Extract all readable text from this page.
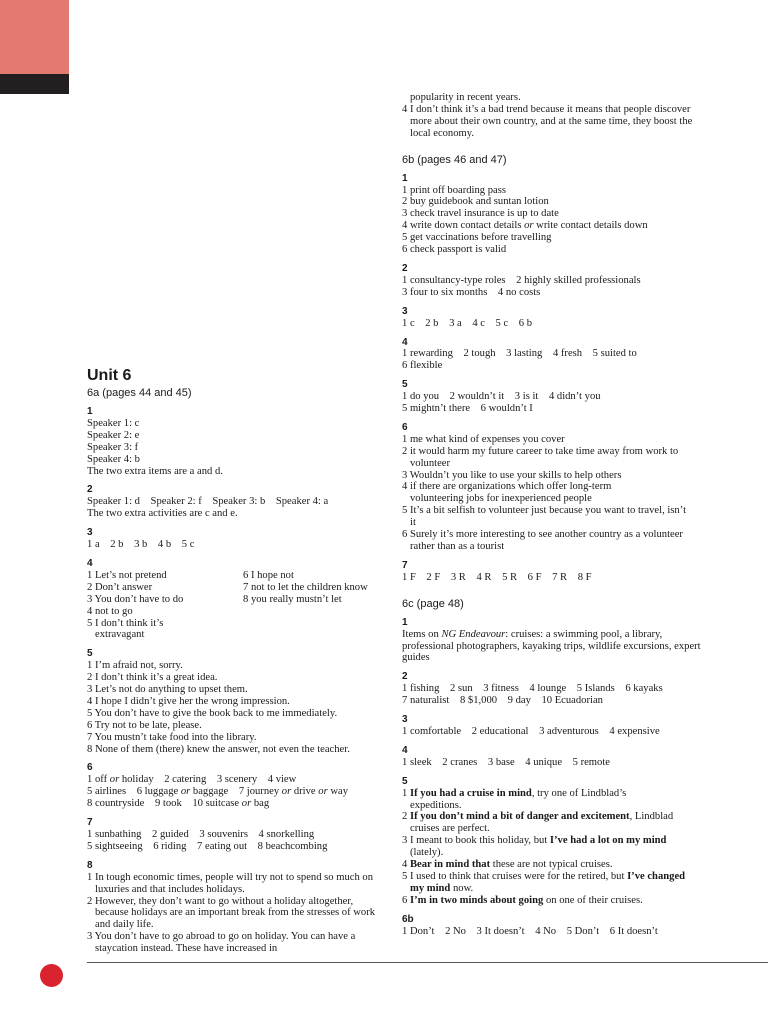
Unit 6
6a (pages 44 and 45)
1
Speaker 1: c
Speaker 2: e
Speaker 3: f
Speaker 4: b
The two extra items are a and d.
2
Speaker 1: d    Speaker 2: f    Speaker 3: b    Speaker 4: a
The two extra activities are c and e.
3
1 a    2 b    3 b    4 b    5 c
4
1 Let’s not pretend
2 Don’t answer
3 You don’t have to do
4 not to go
5 I don’t think it’s extravagant
6 I hope not
7 not to let the children know
8 you really mustn’t let
5
1 I’m afraid not, sorry.
2 I don’t think it’s a great idea.
3 Let’s not do anything to upset them.
4 I hope I didn’t give her the wrong impression.
5 You don’t have to give the book back to me immediately.
6 Try not to be late, please.
7 You mustn’t take food into the library.
8 None of them (there) knew the answer, not even the teacher.
6
1 off or holiday    2 catering    3 scenery    4 view
5 airlines    6 luggage or baggage    7 journey or drive or way
8 countryside    9 took    10 suitcase or bag
7
1 sunbathing    2 guided    3 souvenirs    4 snorkelling
5 sightseeing    6 riding    7 eating out    8 beachcombing
8
1 In tough economic times, people will try not to spend so much on luxuries and that includes holidays.
2 However, they don’t want to go without a holiday altogether, because holidays are an important break from the stresses of work and daily life.
3 You don’t have to go abroad to go on holiday. You can have a staycation instead. These have increased in
popularity in recent years.
4 I don’t think it’s a bad trend because it means that people discover more about their own country, and at the same time, they boost the local economy.
6b (pages 46 and 47)
1
1 print off boarding pass
2 buy guidebook and suntan lotion
3 check travel insurance is up to date
4 write down contact details or write contact details down
5 get vaccinations before travelling
6 check passport is valid
2
1 consultancy-type roles    2 highly skilled professionals
3 four to six months    4 no costs
3
1 c    2 b    3 a    4 c    5 c    6 b
4
1 rewarding    2 tough    3 lasting    4 fresh    5 suited to
6 flexible
5
1 do you    2 wouldn’t it    3 is it    4 didn’t you
5 mightn’t there    6 wouldn’t I
6
1 me what kind of expenses you cover
2 it would harm my future career to take time away from work to volunteer
3 Wouldn’t you like to use your skills to help others
4 if there are organizations which offer long-term volunteering jobs for inexperienced people
5 It’s a bit selfish to volunteer just because you want to travel, isn’t it
6 Surely it’s more interesting to see another country as a volunteer rather than as a tourist
7
1 F    2 F    3 R    4 R    5 R    6 F    7 R    8 F
6c (page 48)
1
Items on NG Endeavour: cruises: a swimming pool, a library, professional photographers, kayaking trips, wildlife excursions, expert guides
2
1 fishing    2 sun    3 fitness    4 lounge    5 Islands    6 kayaks
7 naturalist    8 $1,000    9 day    10 Ecuadorian
3
1 comfortable    2 educational    3 adventurous    4 expensive
4
1 sleek    2 cranes    3 base    4 unique    5 remote
5
1 If you had a cruise in mind, try one of Lindblad’s expeditions.
2 If you don’t mind a bit of danger and excitement, Lindblad cruises are perfect.
3 I meant to book this holiday, but I’ve had a lot on my mind (lately).
4 Bear in mind that these are not typical cruises.
5 I used to think that cruises were for the retired, but I’ve changed my mind now.
6 I’m in two minds about going on one of their cruises.
6b
1 Don’t    2 No    3 It doesn’t    4 No    5 Don’t    6 It doesn’t
